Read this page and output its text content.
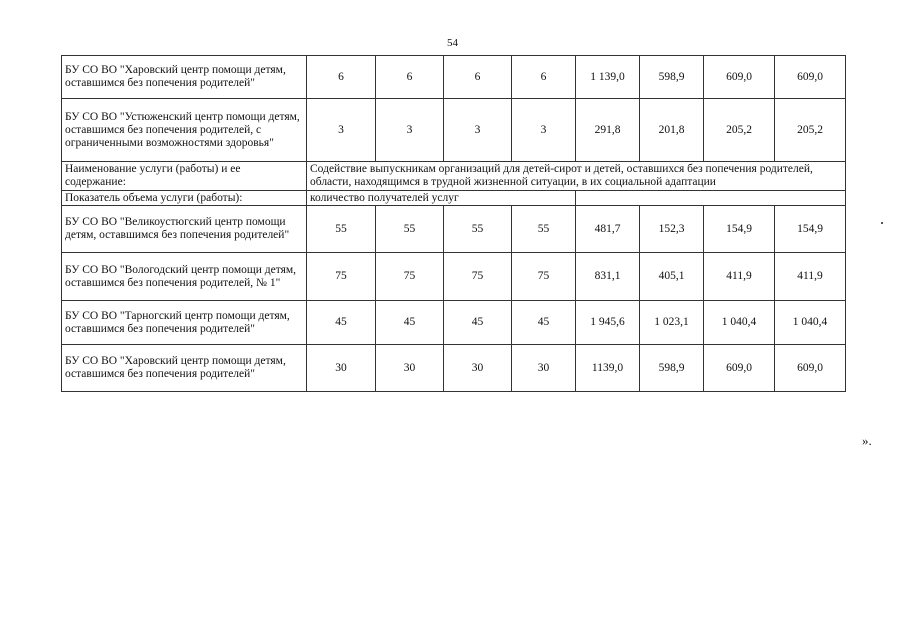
54
БУ СО ВО "Харовский центр помощи детям, оставшимся без попечения родителей"	6	6	6	6	1 139,0	598,9	609,0	609,0
БУ СО ВО "Устюженский центр помощи детям, оставшимся без попечения родителей, с ограниченными возможностями здоровья"	3	3	3	3	291,8	201,8	205,2	205,2
Наименование услуги (работы) и ее содержание:	Содействие выпускникам организаций для детей-сирот и детей, оставшихся без попечения родителей, области, находящимся в трудной жизненной ситуации, в их социальной адаптации							
Показатель объема услуги (работы):	количество получателей услуг							
БУ СО ВО "Великоустюгский центр помощи детям, оставшимся без попечения родителей"	55	55	55	55	481,7	152,3	154,9	154,9
БУ СО ВО "Вологодский центр помощи детям, оставшимся без попечения родителей, № 1"	75	75	75	75	831,1	405,1	411,9	411,9
БУ СО ВО "Тарногский центр помощи детям, оставшимся без попечения родителей"	45	45	45	45	1 945,6	1 023,1	1 040,4	1 040,4
БУ СО ВО "Харовский центр помощи детям, оставшимся без попечения родителей"	30	30	30	30	1139,0	598,9	609,0	609,0
».
